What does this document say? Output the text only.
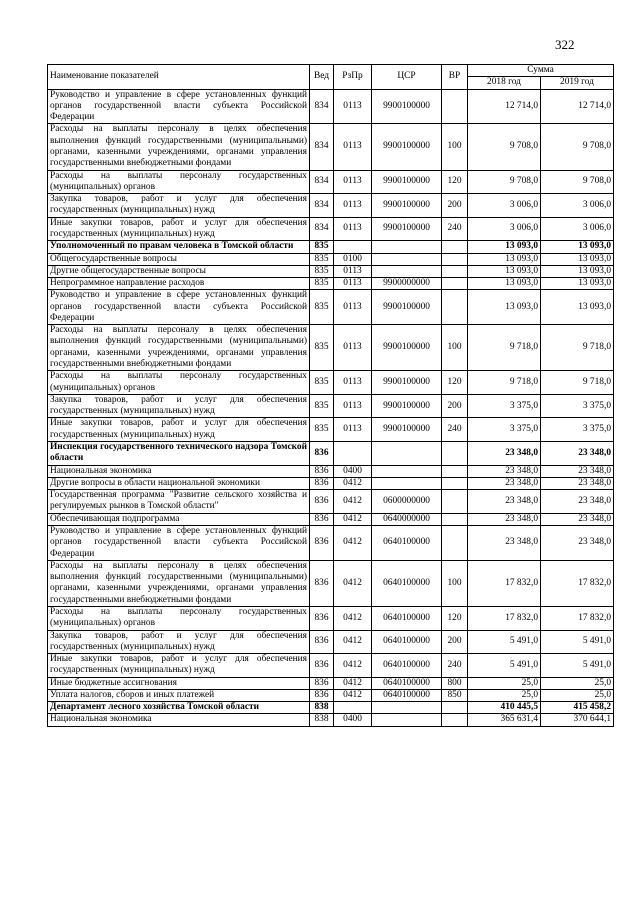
322
Наименование показателей	Вед	РзПр	ЦСР	ВР	Сумма	
					2018 год	2019 год
Руководство и управление в сфере установленных функций органов государственной власти субъекта Российской Федерации	834	0113	9900100000		12 714,0	12 714,0
Расходы на выплаты персоналу в целях обеспечения выполнения функций государственными (муниципальными) органами, казенными учреждениями, органами управления государственными внебюджетными фондами	834	0113	9900100000	100	9 708,0	9 708,0
Расходы на выплаты персоналу государственных (муниципальных) органов	834	0113	9900100000	120	9 708,0	9 708,0
Закупка товаров, работ и услуг для обеспечения государственных (муниципальных) нужд	834	0113	9900100000	200	3 006,0	3 006,0
Иные закупки товаров, работ и услуг для обеспечения государственных (муниципальных) нужд	834	0113	9900100000	240	3 006,0	3 006,0
Уполномоченный по правам человека в Томской области	835				13 093,0	13 093,0
Общегосударственные вопросы	835	0100			13 093,0	13 093,0
Другие общегосударственные вопросы	835	0113			13 093,0	13 093,0
Непрограммное направление расходов	835	0113	9900000000		13 093,0	13 093,0
Руководство и управление в сфере установленных функций органов государственной власти субъекта Российской Федерации	835	0113	9900100000		13 093,0	13 093,0
Расходы на выплаты персоналу в целях обеспечения выполнения функций государственными (муниципальными) органами, казенными учреждениями, органами управления государственными внебюджетными фондами	835	0113	9900100000	100	9 718,0	9 718,0
Расходы на выплаты персоналу государственных (муниципальных) органов	835	0113	9900100000	120	9 718,0	9 718,0
Закупка товаров, работ и услуг для обеспечения государственных (муниципальных) нужд	835	0113	9900100000	200	3 375,0	3 375,0
Иные закупки товаров, работ и услуг для обеспечения государственных (муниципальных) нужд	835	0113	9900100000	240	3 375,0	3 375,0
Инспекция государственного технического надзора Томской области	836				23 348,0	23 348,0
Национальная экономика	836	0400			23 348,0	23 348,0
Другие вопросы в области национальной экономики	836	0412			23 348,0	23 348,0
Государственная программа "Развитие сельского хозяйства и регулируемых рынков в Томской области"	836	0412	0600000000		23 348,0	23 348,0
Обеспечивающая подпрограмма	836	0412	0640000000		23 348,0	23 348,0
Руководство и управление в сфере установленных функций органов государственной власти субъекта Российской Федерации	836	0412	0640100000		23 348,0	23 348,0
Расходы на выплаты персоналу в целях обеспечения выполнения функций государственными (муниципальными) органами, казенными учреждениями, органами управления государственными внебюджетными фондами	836	0412	0640100000	100	17 832,0	17 832,0
Расходы на выплаты персоналу государственных (муниципальных) органов	836	0412	0640100000	120	17 832,0	17 832,0
Закупка товаров, работ и услуг для обеспечения государственных (муниципальных) нужд	836	0412	0640100000	200	5 491,0	5 491,0
Иные закупки товаров, работ и услуг для обеспечения государственных (муниципальных) нужд	836	0412	0640100000	240	5 491,0	5 491,0
Иные бюджетные ассигнования	836	0412	0640100000	800	25,0	25,0
Уплата налогов, сборов и иных платежей	836	0412	0640100000	850	25,0	25,0
Департамент лесного хозяйства Томской области	838				410 445,5	415 458,2
Национальная экономика	838	0400			365 631,4	370 644,1
